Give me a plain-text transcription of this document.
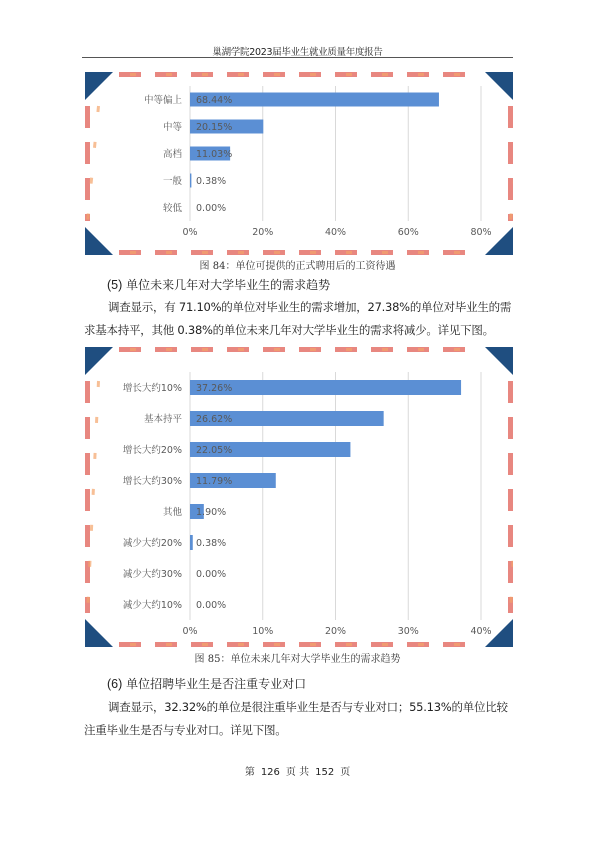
巢湖学院2023届毕业生就业质量年度报告
0%	20%	40%	60%	80%
中等偏上 68.44%
中等 20.15%
高档 11.03%
一般 0.38%
较低 0.00%
图 84：单位可提供的正式聘用后的工资待遇
(5) 单位未来几年对大学毕业生的需求趋势
调查显示，有 71.10%的单位对毕业生的需求增加，27.38%的单位对毕业生的需求基本持平，其他 0.38%的单位未来几年对大学毕业生的需求将减少。详见下图。
0%	10%	20%	30%	40%
增长大约10% 37.26%
基本持平 26.62%
增长大约20% 22.05%
增长大约30% 11.79%
其他 1.90%
减少大约20% 0.38%
减少大约30% 0.00%
减少大约10% 0.00%
图 85：单位未来几年对大学毕业生的需求趋势
(6) 单位招聘毕业生是否注重专业对口
调查显示，32.32%的单位是很注重毕业生是否与专业对口；55.13%的单位比较注重毕业生是否与专业对口。详见下图。
第 126 页 共 152 页
